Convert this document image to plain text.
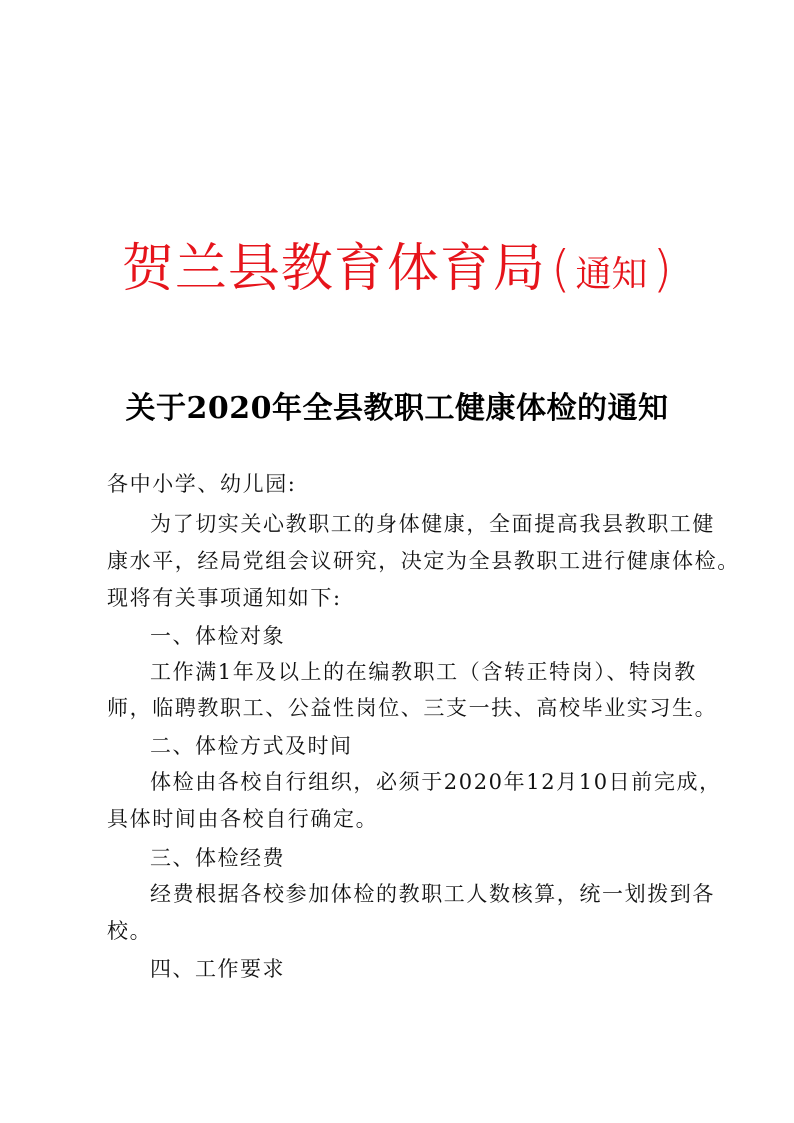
贺兰县教育体育局 ( 通知 )
关于2020年全县教职工健康体检的通知
各中小学、幼儿园:
为了切实关心教职工的身体健康，全面提高我县教职工健
康水平，经局党组会议研究，决定为全县教职工进行健康体检。
现将有关事项通知如下:
一、体检对象
工作满1年及以上的在编教职工（含转正特岗）、特岗教
师，临聘教职工、公益性岗位、三支一扶、高校毕业实习生。
二、体检方式及时间
体检由各校自行组织，必须于2020年12月10日前完成，
具体时间由各校自行确定。
三、体检经费
经费根据各校参加体检的教职工人数核算，统一划拨到各
校。
四、工作要求
